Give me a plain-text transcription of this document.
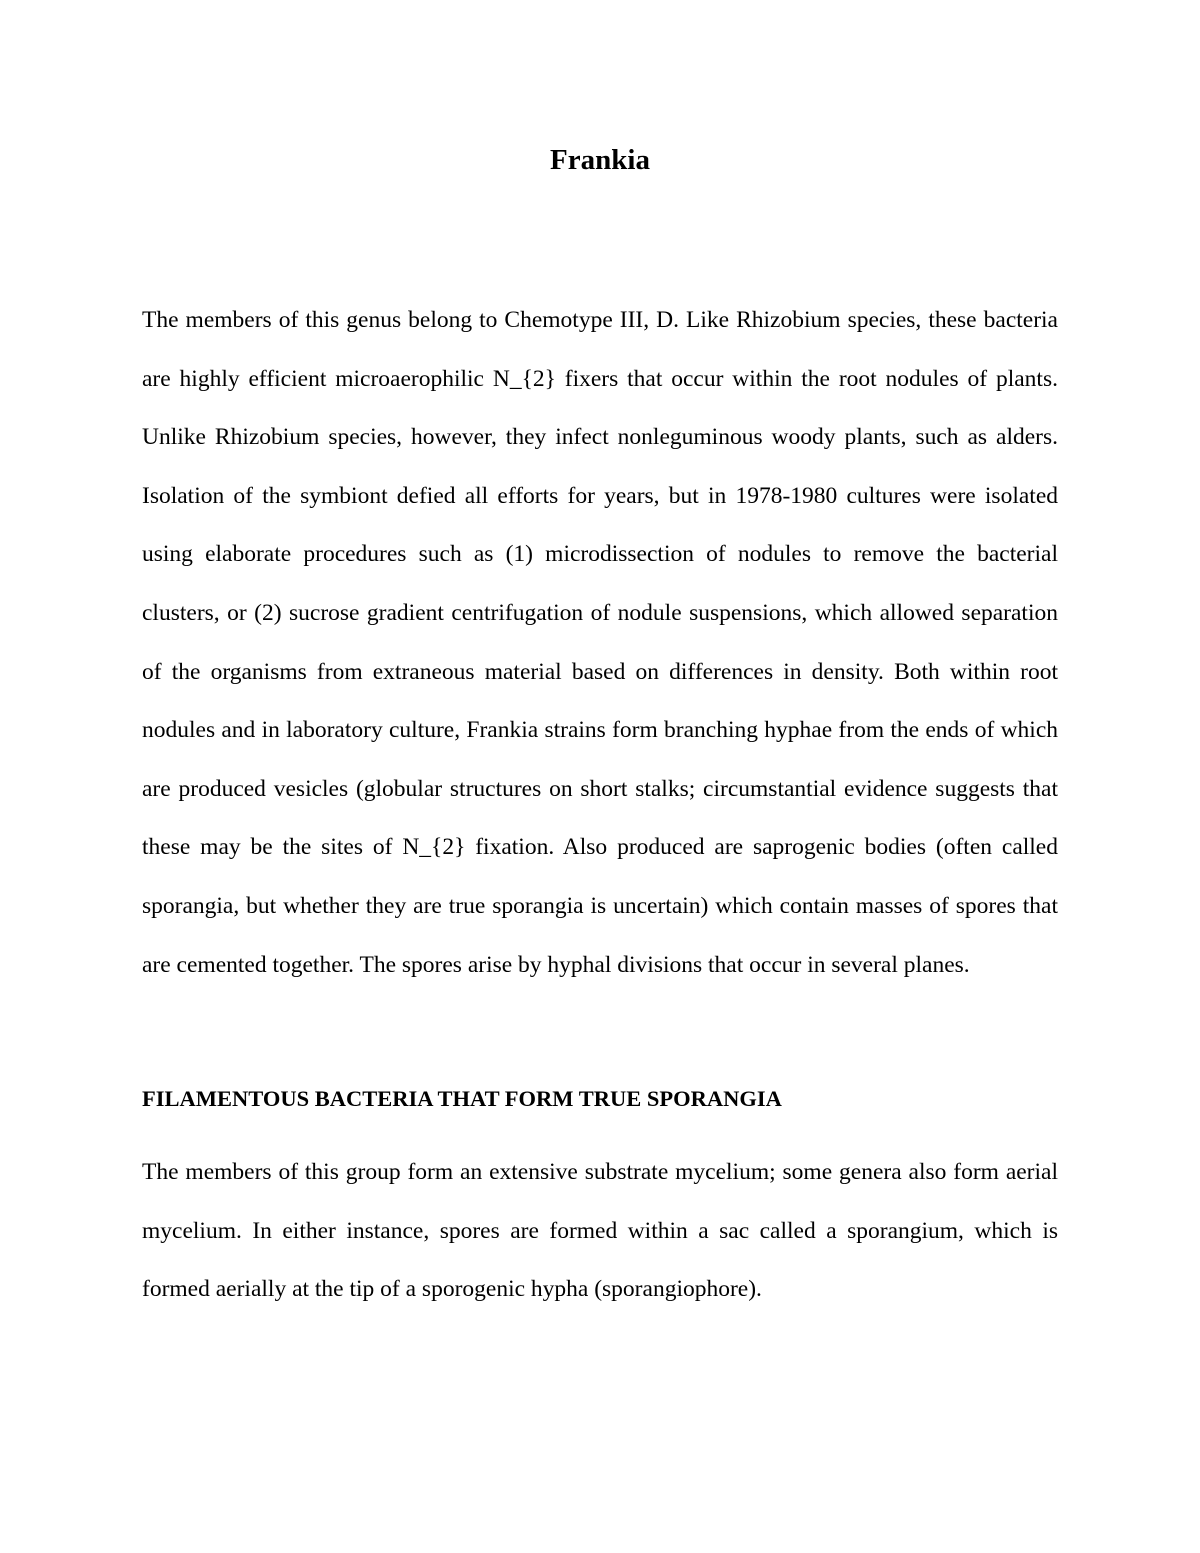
Frankia

The members of this genus belong to Chemotype III, D. Like Rhizobium species, these bacteria are highly efficient microaerophilic N_{2} fixers that occur within the root nodules of plants. Unlike Rhizobium species, however, they infect nonleguminous woody plants, such as alders. Isolation of the symbiont defied all efforts for years, but in 1978-1980 cultures were isolated using elaborate procedures such as (1) microdissection of nodules to remove the bacterial clusters, or (2) sucrose gradient centrifugation of nodule suspensions, which allowed separation of the organisms from extraneous material based on differences in density. Both within root nodules and in laboratory culture, Frankia strains form branching hyphae from the ends of which are produced vesicles (globular structures on short stalks; circumstantial evidence suggests that these may be the sites of N_{2} fixation. Also produced are saprogenic bodies (often called sporangia, but whether they are true sporangia is uncertain) which contain masses of spores that are cemented together. The spores arise by hyphal divisions that occur in several planes.

FILAMENTOUS BACTERIA THAT FORM TRUE SPORANGIA

The members of this group form an extensive substrate mycelium; some genera also form aerial mycelium. In either instance, spores are formed within a sac called a sporangium, which is formed aerially at the tip of a sporogenic hypha (sporangiophore).
